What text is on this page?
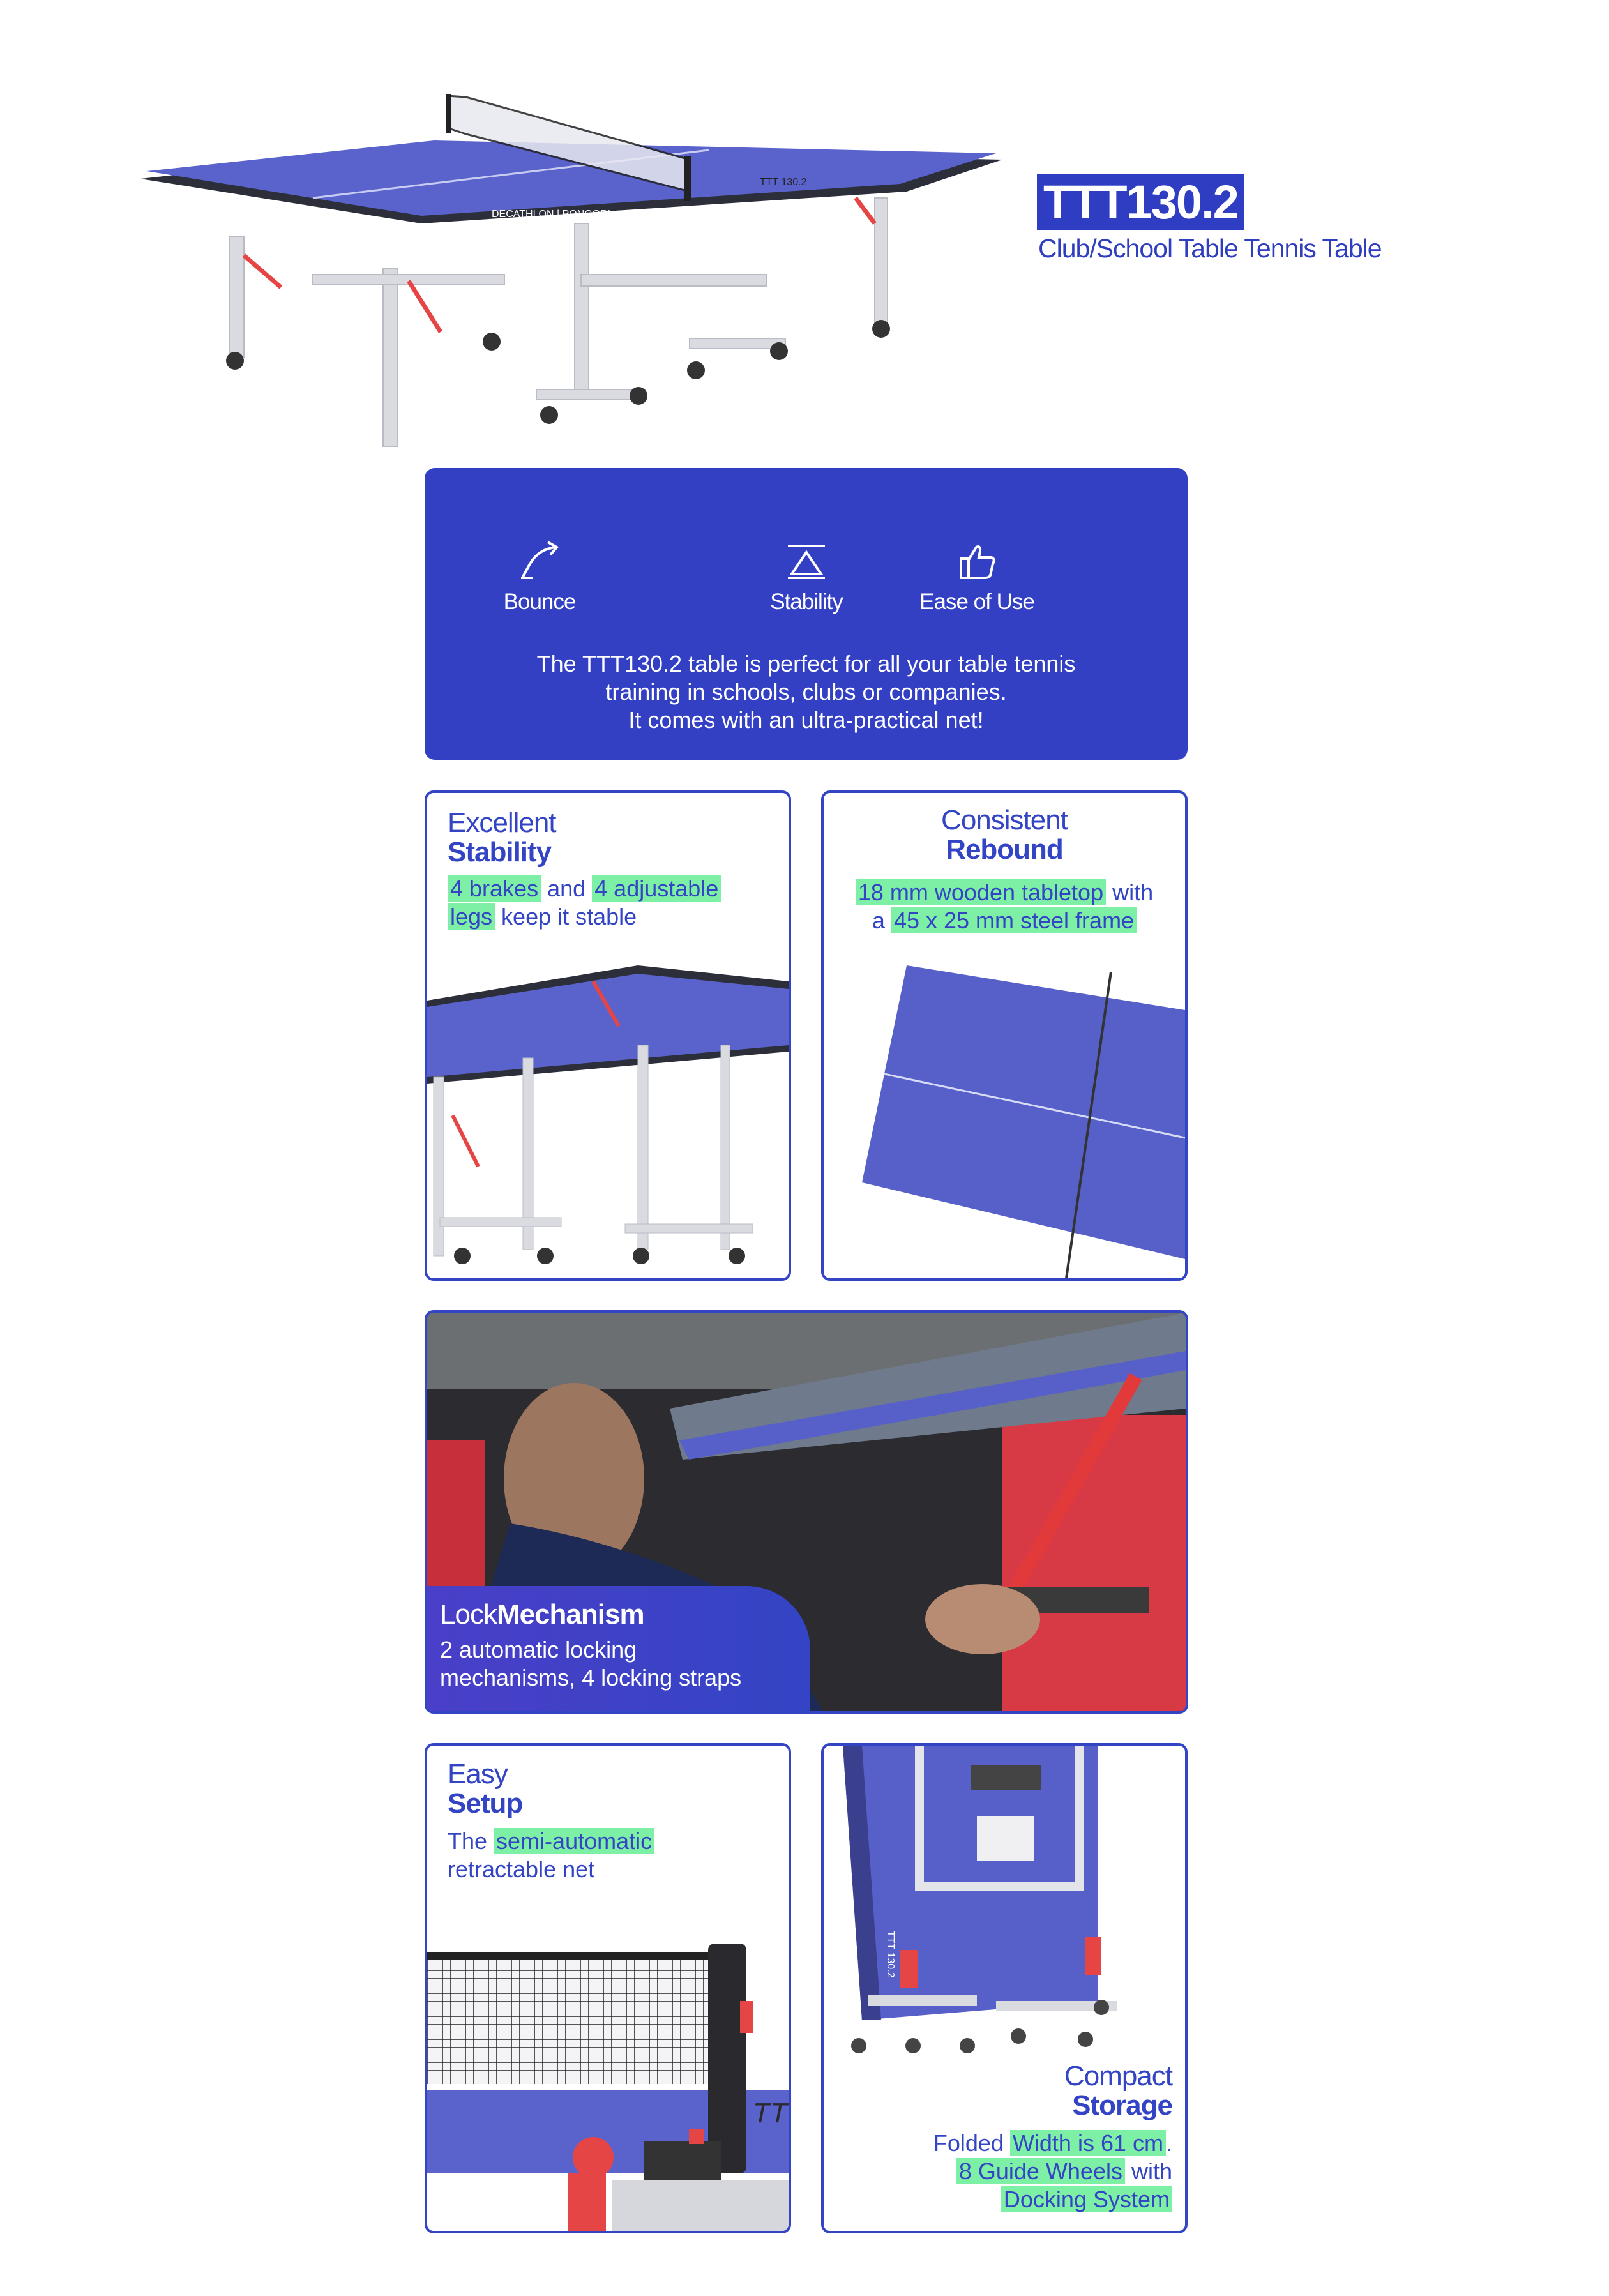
DECATHLON | PONGORI
TTT 130.2	TTT130.2
Club/School Table Tennis Table
Ease of Use
Stability
Bounce
The TTT130.2 table is perfect for all your table tennis
training in schools, clubs or companies.
It comes with an ultra-practical net!
Excellent
Stability
4 brakes and 4 adjustable
legs keep it stable
Consistent
Rebound
18 mm wooden tabletop with
a 45 x 25 mm steel frame
LockMechanism
2 automatic locking
mechanisms, 4 locking straps
Easy
Setup
The semi-automatic
retractable net
TT
TTT 130.2
Compact
Storage
Folded Width is 61 cm .
8 Guide Wheels with
Docking System
